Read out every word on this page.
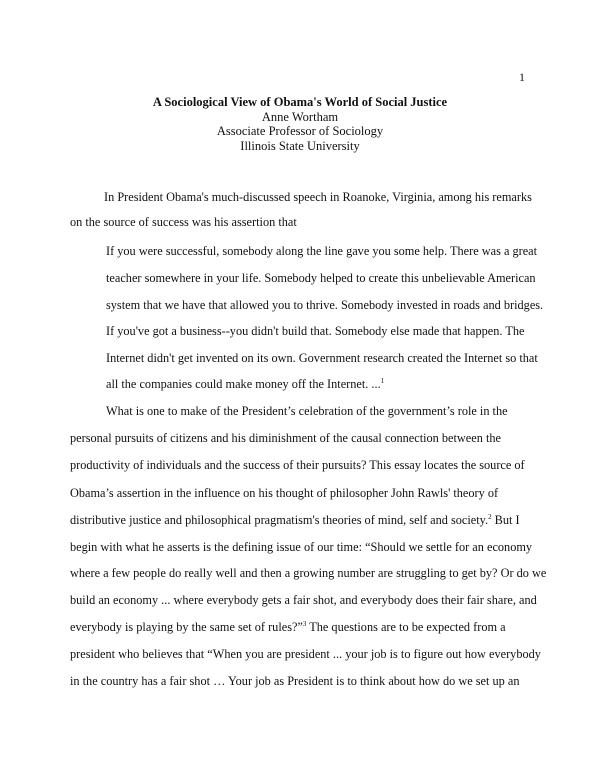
1
A Sociological View of Obama's World of Social Justice
Anne Wortham
Associate Professor of Sociology
Illinois State University
In President Obama's much-discussed speech in Roanoke, Virginia, among his remarks
on the source of success was his assertion that
If you were successful, somebody along the line gave you some help. There was a great
teacher somewhere in your life. Somebody helped to create this unbelievable American
system that we have that allowed you to thrive. Somebody invested in roads and bridges.
If you've got a business--you didn't build that. Somebody else made that happen. The
Internet didn't get invented on its own. Government research created the Internet so that
all the companies could make money off the Internet. ...$^1$
What is one to make of the President’s celebration of the government’s role in the
personal pursuits of citizens and his diminishment of the causal connection between the
productivity of individuals and the success of their pursuits? This essay locates the source of
Obama’s assertion in the influence on his thought of philosopher John Rawls' theory of
distributive justice and philosophical pragmatism's theories of mind, self and society.$^2$ But I
begin with what he asserts is the defining issue of our time: “Should we settle for an economy
where a few people do really well and then a growing number are struggling to get by? Or do we
build an economy ... where everybody gets a fair shot, and everybody does their fair share, and
everybody is playing by the same set of rules?”$^3$ The questions are to be expected from a
president who believes that “When you are president ... your job is to figure out how everybody
in the country has a fair shot … Your job as President is to think about how do we set up an
